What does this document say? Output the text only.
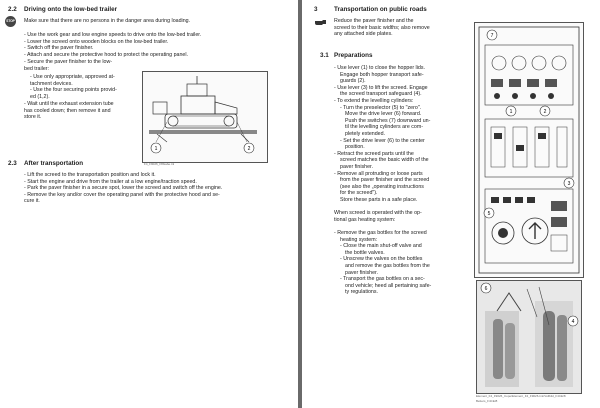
2.2 Driving onto the low-bed trailer
STOP Make sure that there are no persons in the danger area during loading.
- Use the work gear and low engine speeds to drive onto the low-bed trailer.
- Lower the screed onto wooden blocks on the low-bed trailer.
- Switch off the paver finisher.
- Attach and secure the protective hood to protect the operating panel.
- Secure the paver finisher to the low-
bed trailer:
- Use only appropriate, approved at-
tachment devices.
- Use the four securing points provid-
ed (1,2).
- Wait until the exhaust extension tube
has cooled down; then remove it and
store it.
1	2
F4_F9026_F8/kabe.tnl
2.3 After transportation
- Lift the screed to the transportation position and lock it.
- Start the engine and drive from the trailer at a low engine/traction speed.
- Park the paver finisher in a secure spot, lower the screed and switch off the engine.
- Remove the key and/or cover the operating panel with the protective hood and se-
cure it.
3	Transportation on public roads
Reduce the paver finisher and the
screed to their basic widths; also remove
any attached side plates.
3.1 Preparations
- Use lever (1) to close the hopper lids.
Engage both hopper transport safe-
guards (2).
- Use lever (3) to lift the screed. Engage
the screed transport safeguard (4).
- To extend the levelling cylinders:
- Turn the preselector (5) to "zero".
Move the drive lever (6) forward.
Push the switches (7) downward un-
til the levelling cylinders are com-
pletely extended.
- Set the drive lever (6) to the center
position.
- Retract the screed parts until the
screed matches the basic width of the
paver finisher.
- Remove all protruding or loose parts
from the paver finisher and the screed
(see also the „operating instructions
for the screed").
Store these parts in a safe place.
When screed is operated with the op-
tional gas heating system:
- Remove the gas bottles for the screed
heating system:
- Close the main shut-off valve and
the bottle valves.
- Unscrew the valves on the bottles
and remove the gas bottles from the
paver finisher.
- Transport the gas bottles on a sec-
ond vehicle; heed all pertaining safe-
ty regulations.
7
1	2
3
5
6
4
Element_F4_F9026_Cope/Element_F4_F9026.tmt/Vollbild_F4CE/8
Betters_F4CE/8
